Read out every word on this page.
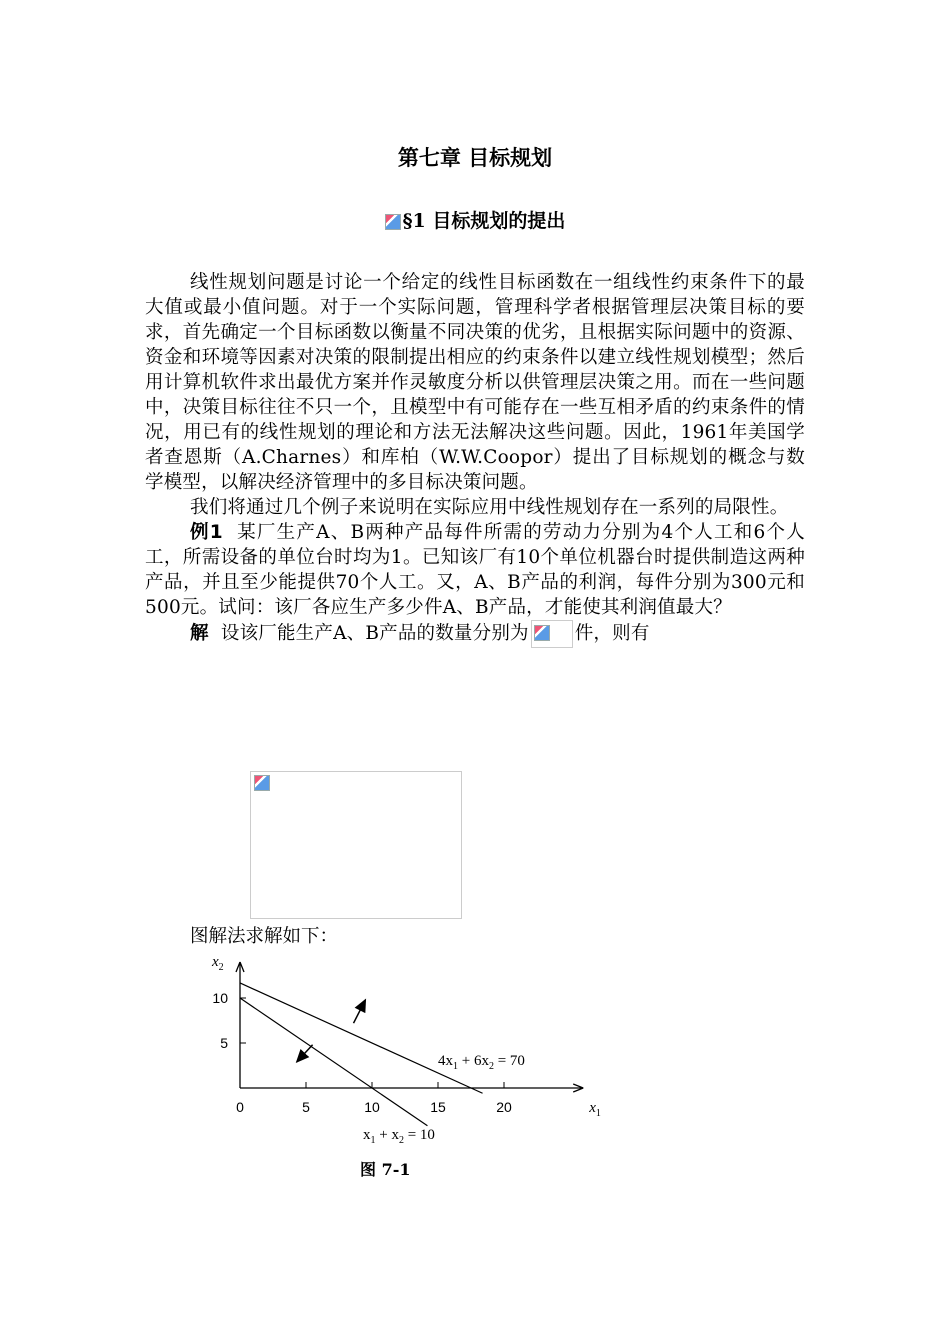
第七章 目标规划
§1 目标规划的提出

线性规划问题是讨论一个给定的线性目标函数在一组线性约束条件下的最大值或最小值问题。对于一个实际问题，管理科学者根据管理层决策目标的要求，首先确定一个目标函数以衡量不同决策的优劣，且根据实际问题中的资源、资金和环境等因素对决策的限制提出相应的约束条件以建立线性规划模型；然后用计算机软件求出最优方案并作灵敏度分析以供管理层决策之用。而在一些问题中，决策目标往往不只一个，且模型中有可能存在一些互相矛盾的约束条件的情况，用已有的线性规划的理论和方法无法解决这些问题。因此，1961年美国学者查恩斯（A.Charnes）和库柏（W.W.Coopor）提出了目标规划的概念与数学模型，以解决经济管理中的多目标决策问题。

我们将通过几个例子来说明在实际应用中线性规划存在一系列的局限性。

例1 某厂生产A、B两种产品每件所需的劳动力分别为4个人工和6个人工，所需设备的单位台时均为1。已知该厂有10个单位机器台时提供制造这两种产品，并且至少能提供70个人工。又，A、B产品的利润，每件分别为300元和500元。试问：该厂各应生产多少件A、B产品，才能使其利润值最大？

解 设该厂能生产A、B产品的数量分别为 件，则有

图解法求解如下：
0	5	10	15	20
5
10
$x_2$
$x_1$
$4x_1 + 6x_2 = 70$
$x_1 + x_2 = 10$
图 7-1
